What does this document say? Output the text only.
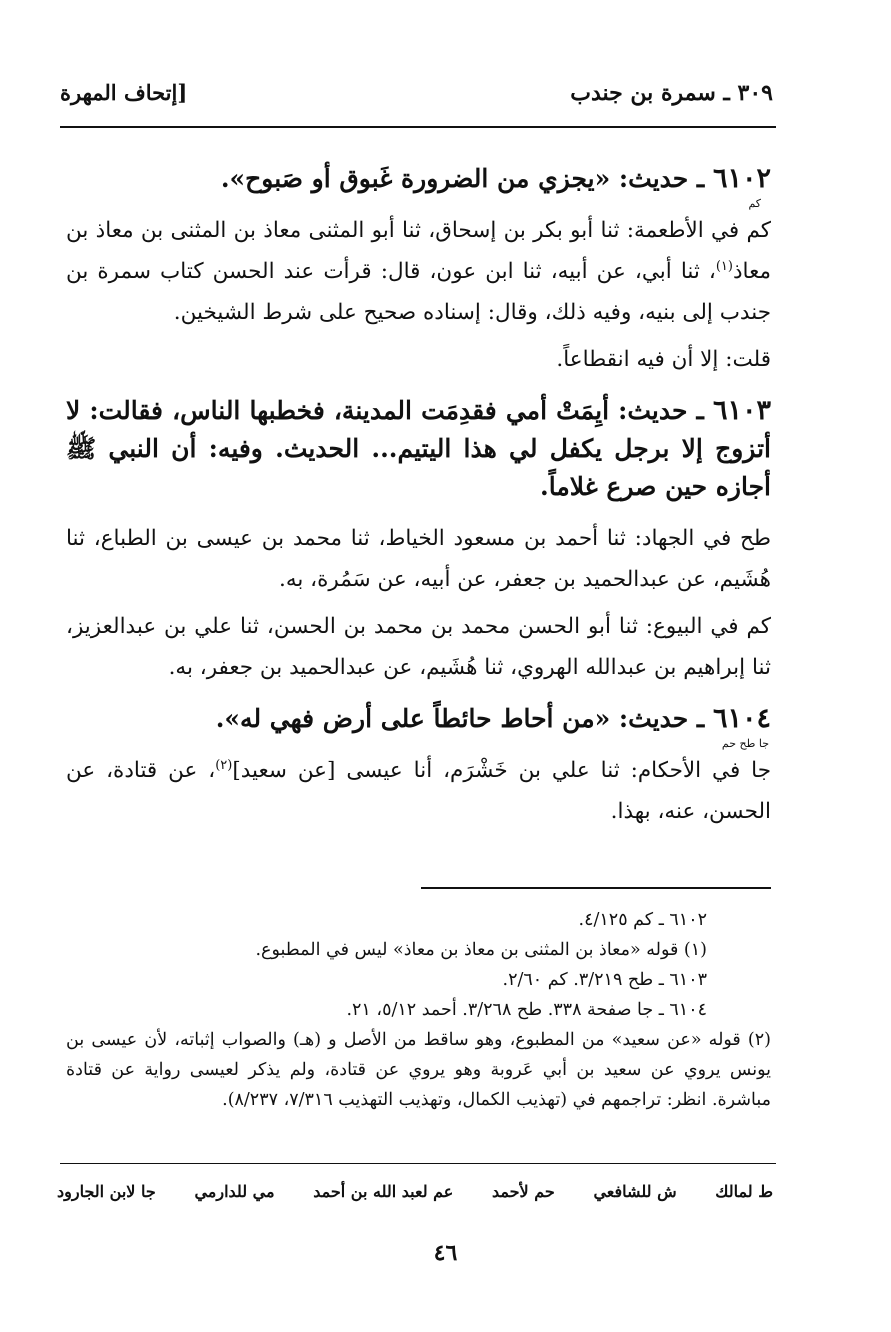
٣٠٩ ـ سمرة بن جندب
[إتحاف المهرة
٦١٠٢ ـ حديث: «يجزي من الضرورة غَبوق أو صَبوح».
كم

كم في الأطعمة: ثنا أبو بكر بن إسحاق، ثنا أبو المثنى معاذ بن المثنى بن معاذ بن معاذ$^{(١)}$، ثنا أبي، عن أبيه، ثنا ابن عون، قال: قرأت عند الحسن كتاب سمرة بن جندب إلى بنيه، وفيه ذلك، وقال: إسناده صحيح على شرط الشيخين.

قلت: إلا أن فيه انقطاعاً.

٦١٠٣ ـ حديث: أيِمَتْ أمي فقدِمَت المدينة، فخطبها الناس، فقالت: لا أتزوج إلا برجل يكفل لي هذا اليتيم... الحديث. وفيه: أن النبي ﷺ أجازه حين صرع غلاماً.

طح في الجهاد: ثنا أحمد بن مسعود الخياط، ثنا محمد بن عيسى بن الطباع، ثنا هُشَيم، عن عبدالحميد بن جعفر، عن أبيه، عن سَمُرة، به.

كم في البيوع: ثنا أبو الحسن محمد بن محمد بن الحسن، ثنا علي بن عبدالعزيز، ثنا إبراهيم بن عبدالله الهروي، ثنا هُشَيم، عن عبدالحميد بن جعفر، به.

٦١٠٤ ـ حديث: «من أحاط حائطاً على أرض فهي له».
جا طح حم

جا في الأحكام: ثنا علي بن خَشْرَم، أنا عيسى [عن سعيد]$^{(٢)}$، عن قتادة، عن الحسن، عنه، بهذا.

٦١٠٢ ـ كم ٤/١٢٥.

(١) قوله «معاذ بن المثنى بن معاذ بن معاذ» ليس في المطبوع.

٦١٠٣ ـ طح ٣/٢١٩. كم ٢/٦٠.

٦١٠٤ ـ جا صفحة ٣٣٨. طح ٣/٢٦٨. أحمد ٥/١٢، ٢١.

(٢) قوله «عن سعيد» من المطبوع، وهو ساقط من الأصل و (هـ) والصواب إثباته، لأن عيسى بن يونس يروي عن سعيد بن أبي عَروبة وهو يروي عن قتادة، ولم يذكر لعيسى رواية عن قتادة مباشرة. انظر: تراجمهم في (تهذيب الكمال، وتهذيب التهذيب ٧/٣١٦، ٨/٢٣٧).

ط لمالك
ش للشافعي
حم لأحمد
عم لعبد الله بن أحمد
مي للدارمي
جا لابن الجارود
٤٦
